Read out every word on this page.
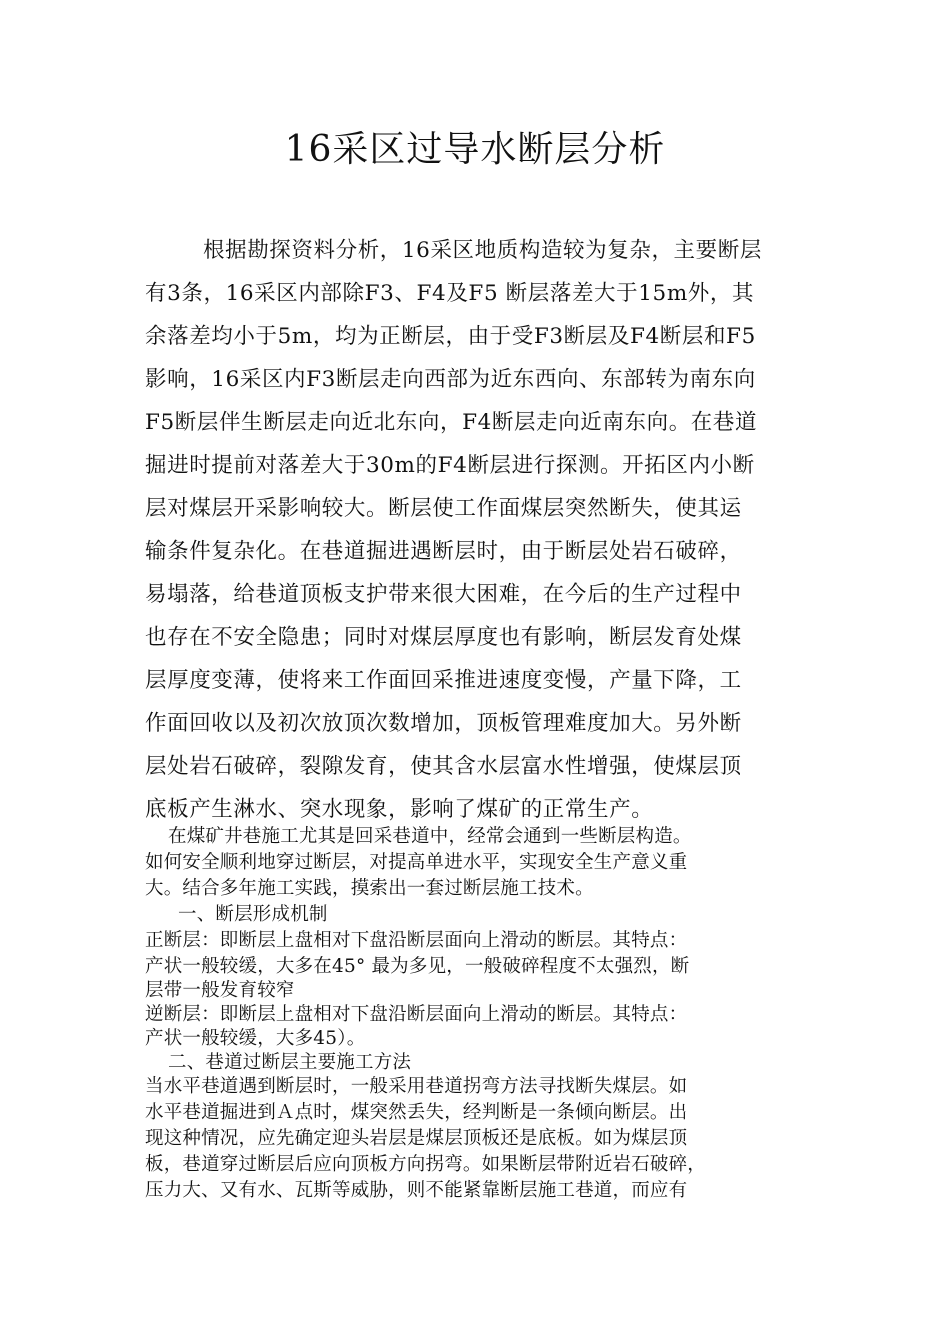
16采区过导水断层分析

根据勘探资料分析，16采区地质构造较为复杂，主要断层

有3条，16采区内部除F3、F4及F5 断层落差大于15m外，其

余落差均小于5m，均为正断层，由于受F3断层及F4断层和F5

影响，16采区内F3断层走向西部为近东西向、东部转为南东向

F5断层伴生断层走向近北东向，F4断层走向近南东向。在巷道

掘进时提前对落差大于30m的F4断层进行探测。开拓区内小断

层对煤层开采影响较大。断层使工作面煤层突然断失，使其运

输条件复杂化。在巷道掘进遇断层时，由于断层处岩石破碎，

易塌落，给巷道顶板支护带来很大困难，在今后的生产过程中

也存在不安全隐患；同时对煤层厚度也有影响，断层发育处煤

层厚度变薄，使将来工作面回采推进速度变慢，产量下降，工

作面回收以及初次放顶次数增加，顶板管理难度加大。另外断

层处岩石破碎，裂隙发育，使其含水层富水性增强，使煤层顶

底板产生淋水、突水现象，影响了煤矿的正常生产。

在煤矿井巷施工尤其是回采巷道中，经常会通到一些断层构造。

如何安全顺利地穿过断层，对提高单进水平，实现安全生产意义重

大。结合多年施工实践，摸索出一套过断层施工技术。

一、断层形成机制

正断层：即断层上盘相对下盘沿断层面向上滑动的断层。其特点：

产状一般较缓，大多在45° 最为多见，一般破碎程度不太强烈，断

层带一般发育较窄

逆断层：即断层上盘相对下盘沿断层面向上滑动的断层。其特点：

产状一般较缓，大多45）。

二、巷道过断层主要施工方法

当水平巷道遇到断层时，一般采用巷道拐弯方法寻找断失煤层。如

水平巷道掘进到Ａ点时，煤突然丢失，经判断是一条倾向断层。出

现这种情况，应先确定迎头岩层是煤层顶板还是底板。如为煤层顶

板，巷道穿过断层后应向顶板方向拐弯。如果断层带附近岩石破碎，

压力大、又有水、瓦斯等威胁，则不能紧靠断层施工巷道，而应有
